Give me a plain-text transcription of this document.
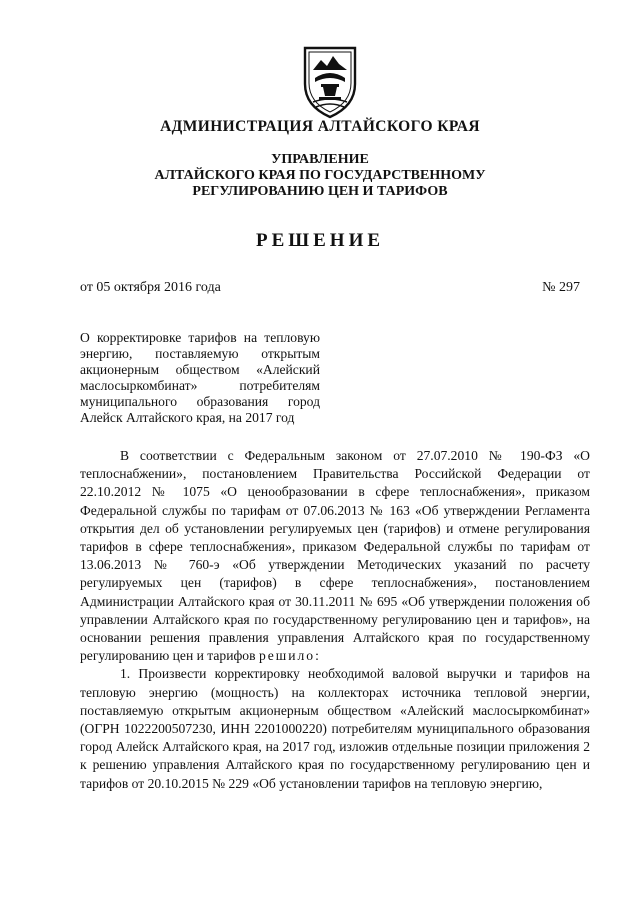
АДМИНИСТРАЦИЯ АЛТАЙСКОГО КРАЯ

УПРАВЛЕНИЕ
АЛТАЙСКОГО КРАЯ ПО ГОСУДАРСТВЕННОМУ
РЕГУЛИРОВАНИЮ ЦЕН И ТАРИФОВ

РЕШЕНИЕ

от 05 октября 2016 года	№ 297

О корректировке тарифов на тепловую энергию, поставляемую открытым акционерным обществом «Алейский маслосыркомбинат» потребителям муниципального образования город Алейск Алтайского края, на 2017 год

В соответствии с Федеральным законом от 27.07.2010 № 190-ФЗ «О теплоснабжении», постановлением Правительства Российской Федерации от 22.10.2012 № 1075 «О ценообразовании в сфере теплоснабжения», приказом Федеральной службы по тарифам от 07.06.2013 № 163 «Об утверждении Регламента открытия дел об установлении регулируемых цен (тарифов) и отмене регулирования тарифов в сфере теплоснабжения», приказом Федеральной службы по тарифам от 13.06.2013 № 760-э «Об утверждении Методических указаний по расчету регулируемых цен (тарифов) в сфере теплоснабжения», постановлением Администрации Алтайского края от 30.11.2011 № 695 «Об утверждении положения об управлении Алтайского края по государственному регулированию цен и тарифов», на основании решения правления управления Алтайского края по государственному регулированию цен и тарифов решило:

1. Произвести корректировку необходимой валовой выручки и тарифов на тепловую энергию (мощность) на коллекторах источника тепловой энергии, поставляемую открытым акционерным обществом «Алейский маслосыркомбинат» (ОГРН 1022200507230, ИНН 2201000220) потребителям муниципального образования город Алейск Алтайского края, на 2017 год, изложив отдельные позиции приложения 2 к решению управления Алтайского края по государственному регулированию цен и тарифов от 20.10.2015 № 229 «Об установлении тарифов на тепловую энергию,
